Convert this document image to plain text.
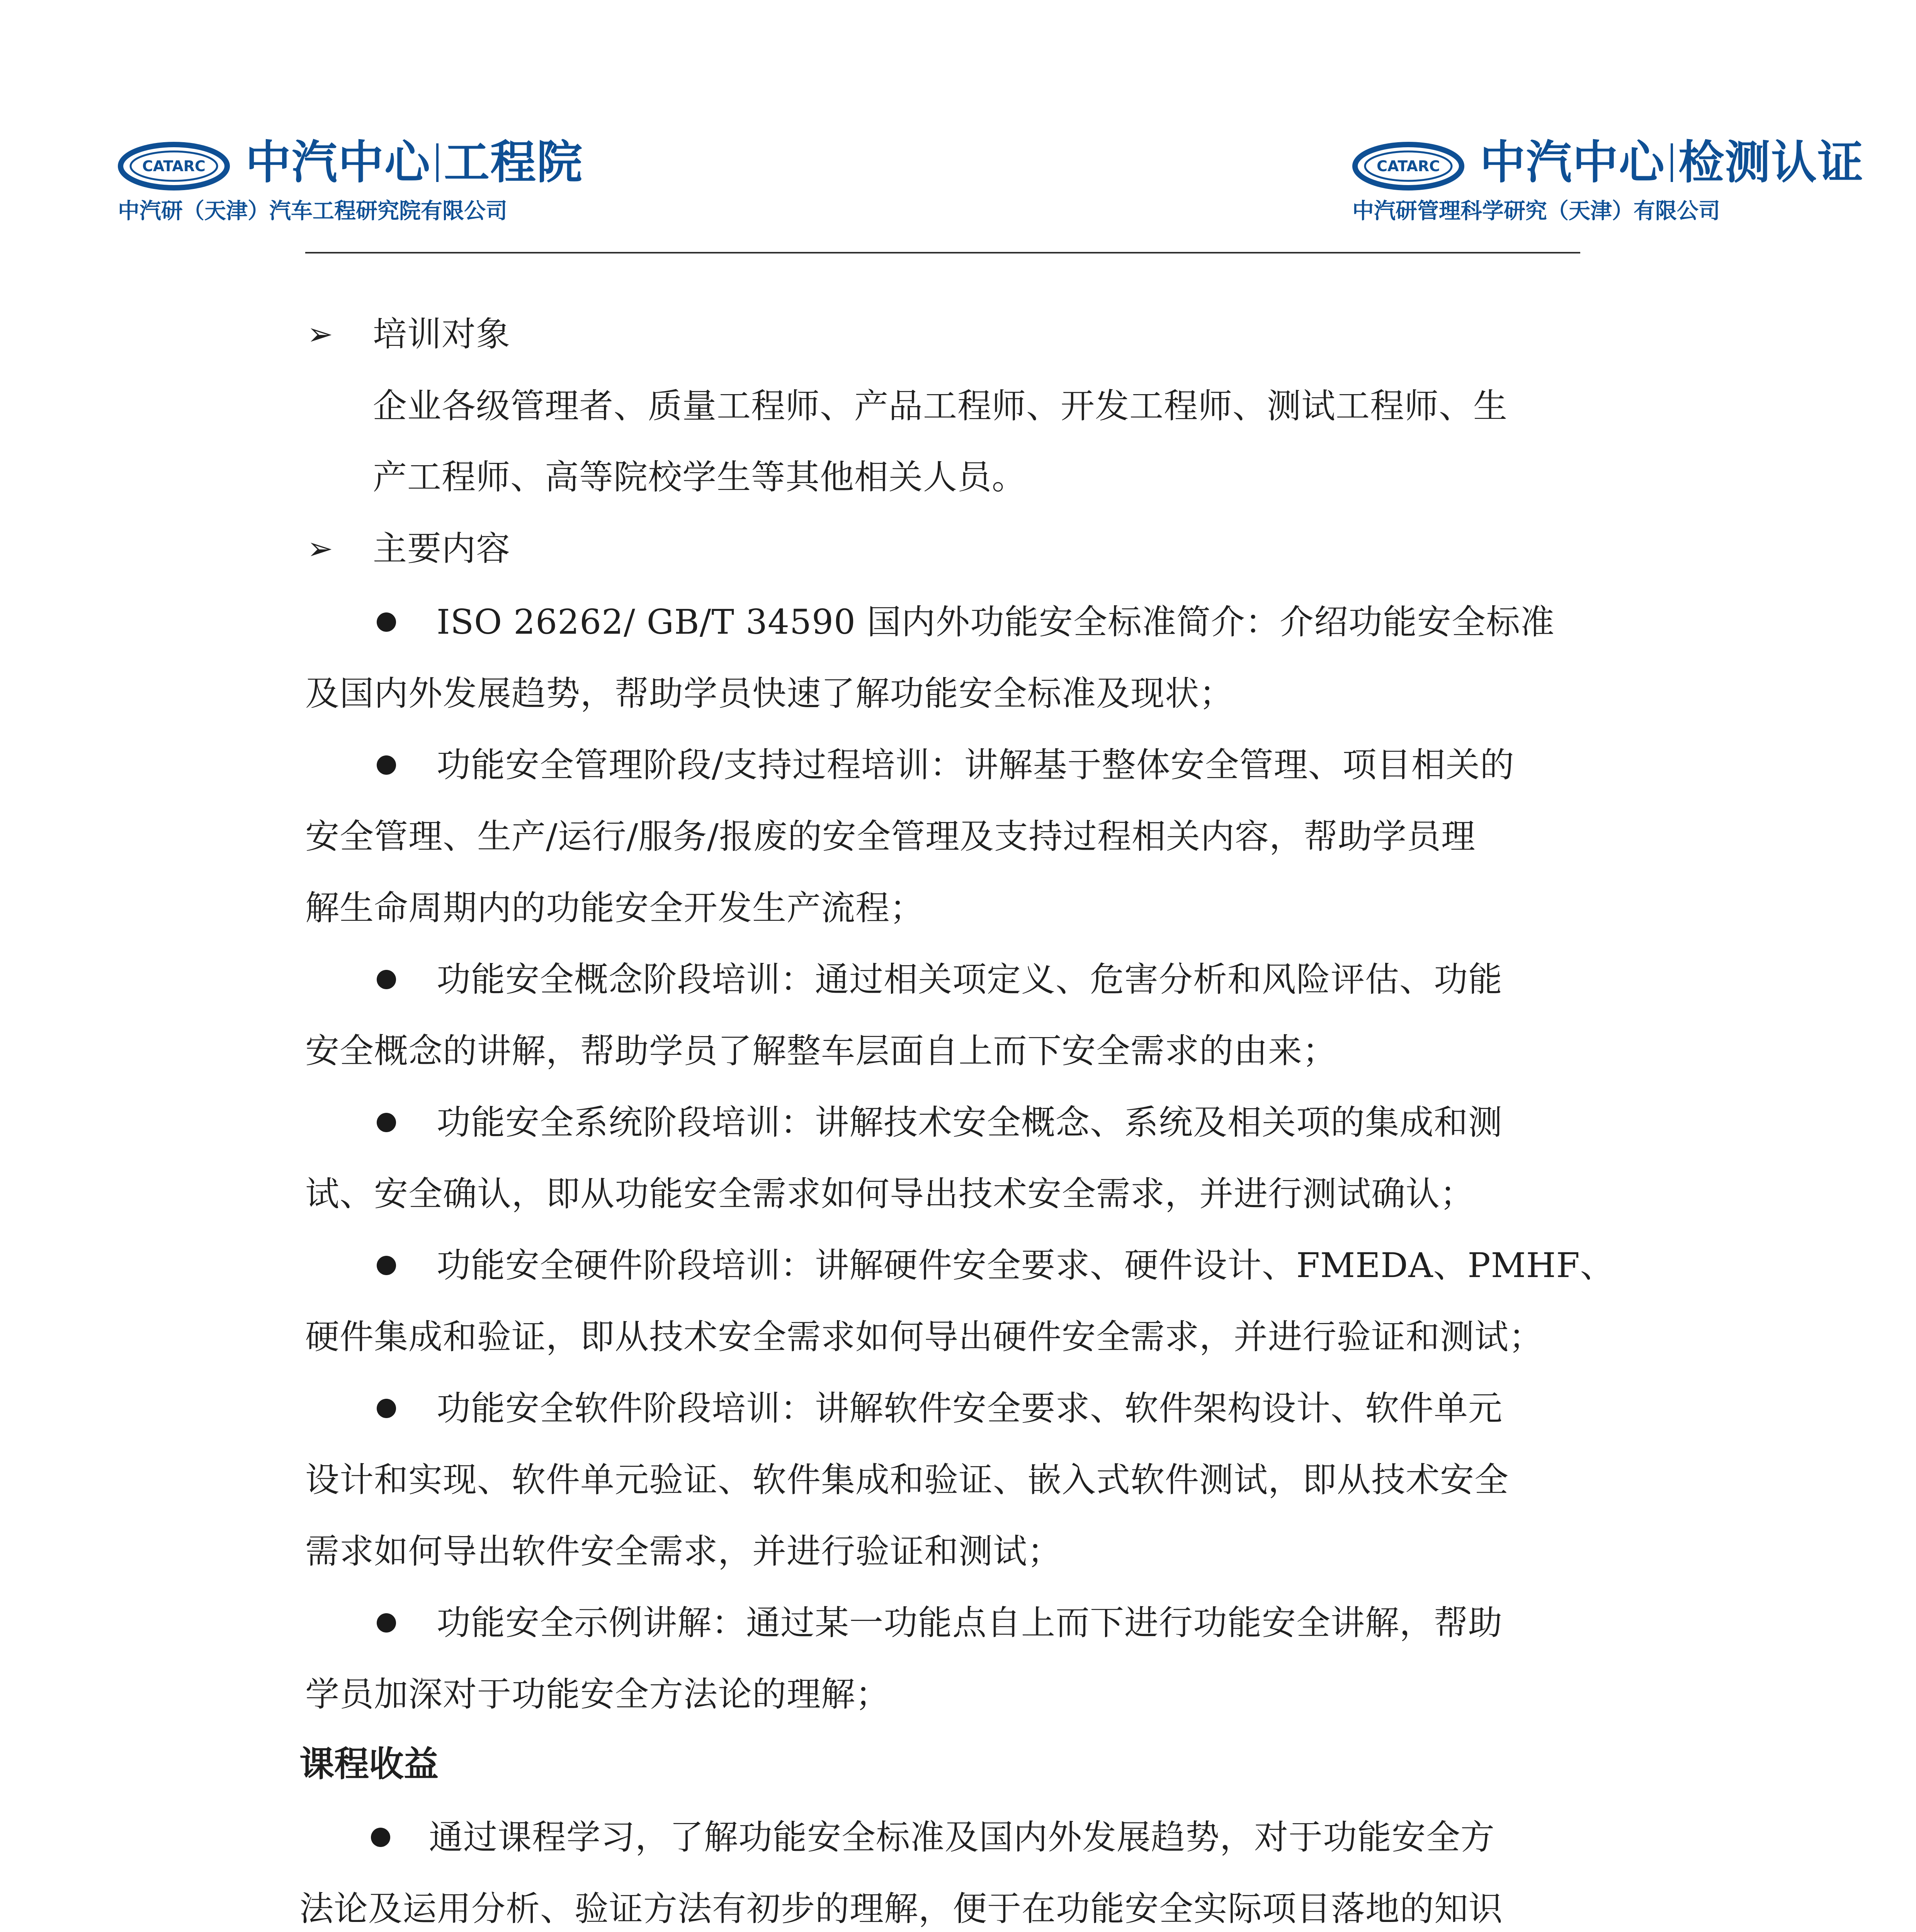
CATARC 中汽中心 工程院
中汽研（天津）汽车工程研究院有限公司
CATARC 中汽中心 检测认证
中汽研管理科学研究（天津）有限公司
➢ 培训对象
企业各级管理者、质量工程师、产品工程师、开发工程师、测试工程师、生
产工程师、高等院校学生等其他相关人员。
➢ 主要内容
ISO 26262/ GB/T 34590 国内外功能安全标准简介：介绍功能安全标准
及国内外发展趋势，帮助学员快速了解功能安全标准及现状；
功能安全管理阶段/支持过程培训：讲解基于整体安全管理、项目相关的
安全管理、生产/运行/服务/报废的安全管理及支持过程相关内容，帮助学员理
解生命周期内的功能安全开发生产流程；
功能安全概念阶段培训：通过相关项定义、危害分析和风险评估、功能
安全概念的讲解，帮助学员了解整车层面自上而下安全需求的由来；
功能安全系统阶段培训：讲解技术安全概念、系统及相关项的集成和测
试、安全确认，即从功能安全需求如何导出技术安全需求，并进行测试确认；
功能安全硬件阶段培训：讲解硬件安全要求、硬件设计、FMEDA、PMHF、
硬件集成和验证，即从技术安全需求如何导出硬件安全需求，并进行验证和测试；
功能安全软件阶段培训：讲解软件安全要求、软件架构设计、软件单元
设计和实现、软件单元验证、软件集成和验证、嵌入式软件测试，即从技术安全
需求如何导出软件安全需求，并进行验证和测试；
功能安全示例讲解：通过某一功能点自上而下进行功能安全讲解，帮助
学员加深对于功能安全方法论的理解；
课程收益
通过课程学习，了解功能安全标准及国内外发展趋势，对于功能安全方
法论及运用分析、验证方法有初步的理解，便于在功能安全实际项目落地的知识
